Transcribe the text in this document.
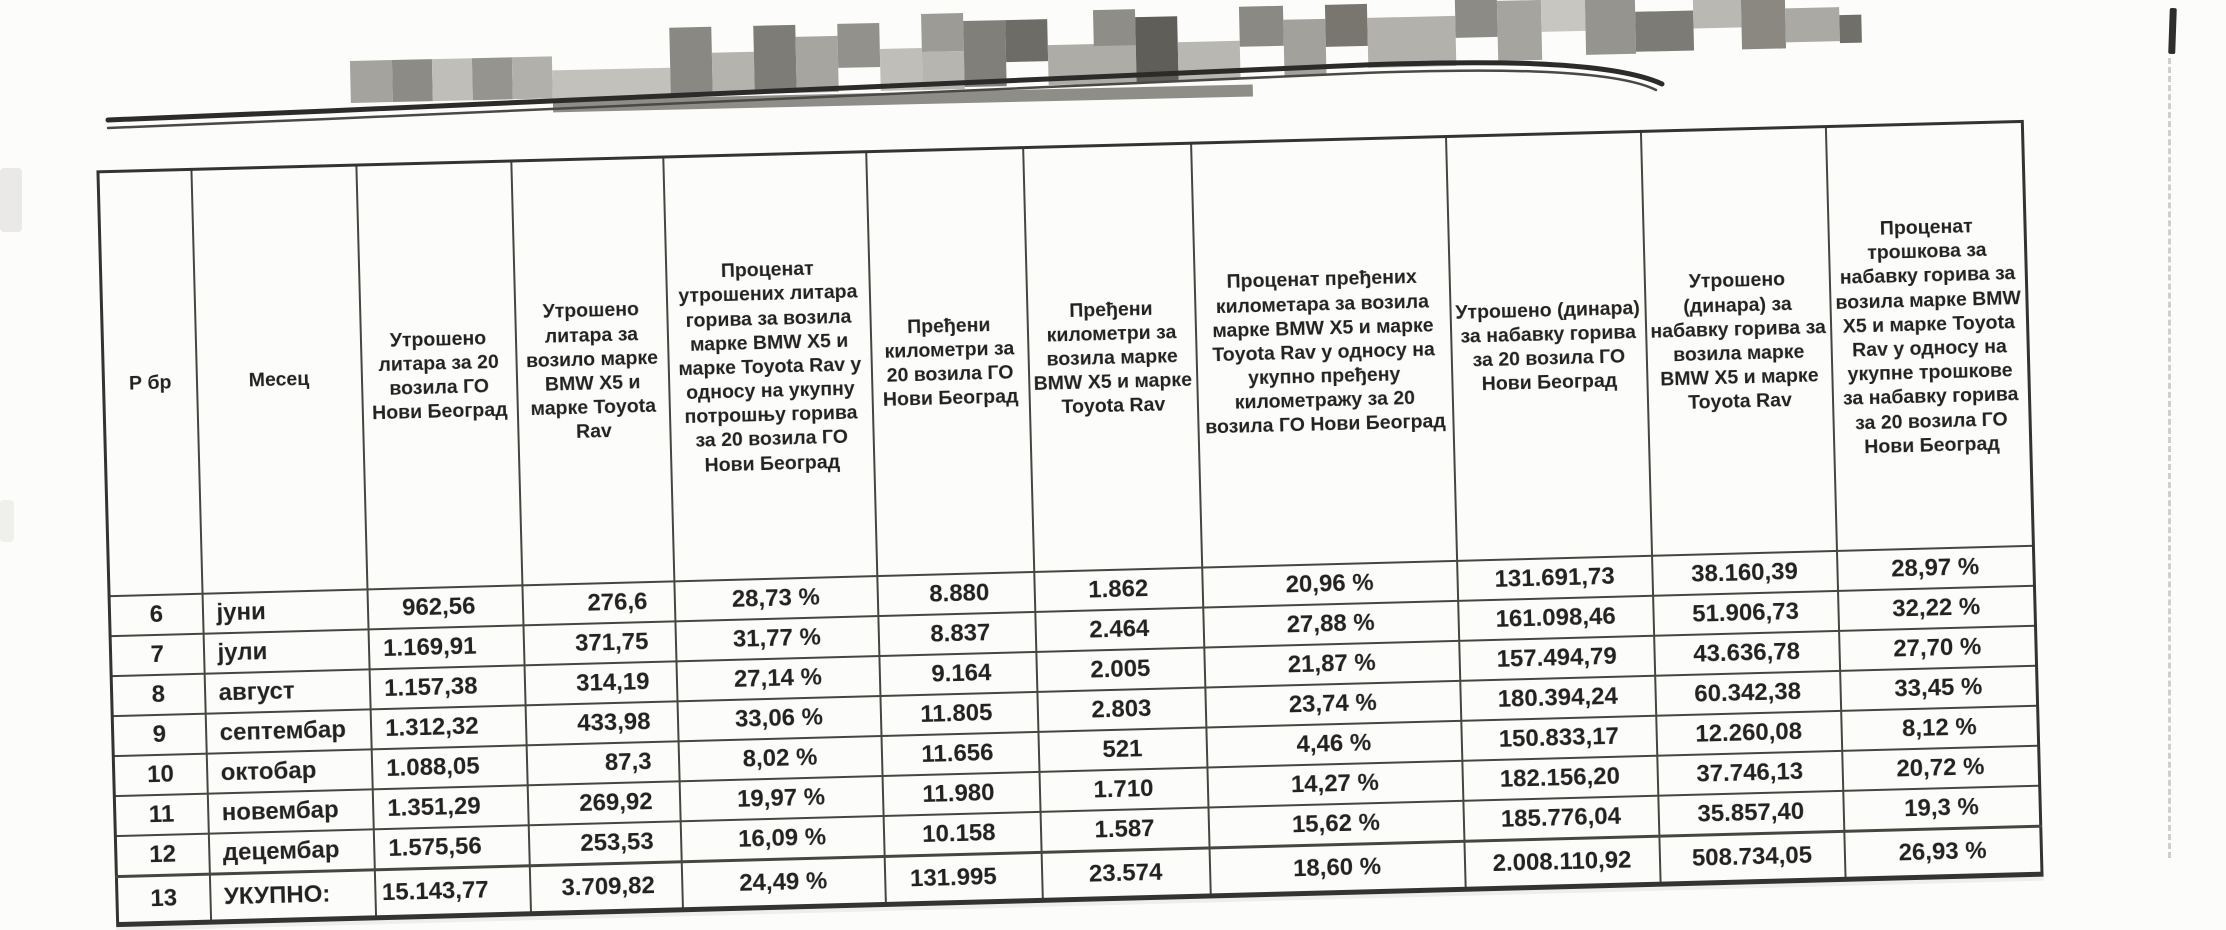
Р бр	Месец	Утрошено литара за 20 возила ГО Нови Београд	Утрошено литара за возило марке BMW X5 и марке Toyota Rav	Проценат утрошених литара горива за возила марке BMW X5 и марке Toyota Rav у односу на укупну потрошњу горива за 20 возила ГО Нови Београд	Пређени километри за 20 возила ГО Нови Београд	Пређени километри за возила марке BMW X5 и марке Toyota Rav	Проценат пређених километара за возила марке BMW X5 и марке Toyota Rav у односу на укупно пређену километражу за 20 возила ГО Нови Београд	Утрошено (динара) за набавку горива за 20 возила ГО Нови Београд	Утрошено (динара) за набавку горива за возила марке BMW X5 и марке Toyota Rav	Проценат трошкова за набавку горива за возила марке BMW X5 и марке Toyota Rav у односу на укупне трошкове за набавку горива за 20 возила ГО Нови Београд
6	јуни	962,56	276,6	28,73 %	8.880	1.862	20,96 %	131.691,73	38.160,39	28,97 %
7	јули	1.169,91	371,75	31,77 %	8.837	2.464	27,88 %	161.098,46	51.906,73	32,22 %
8	август	1.157,38	314,19	27,14 %	9.164	2.005	21,87 %	157.494,79	43.636,78	27,70 %
9	септембар	1.312,32	433,98	33,06 %	11.805	2.803	23,74 %	180.394,24	60.342,38	33,45 %
10	октобар	1.088,05	87,3	8,02 %	11.656	521	4,46 %	150.833,17	12.260,08	8,12 %
11	новембар	1.351,29	269,92	19,97 %	11.980	1.710	14,27 %	182.156,20	37.746,13	20,72 %
12	децембар	1.575,56	253,53	16,09 %	10.158	1.587	15,62 %	185.776,04	35.857,40	19,3 %
13	УКУПНО:	15.143,77	3.709,82	24,49 %	131.995	23.574	18,60 %	2.008.110,92	508.734,05	26,93 %
